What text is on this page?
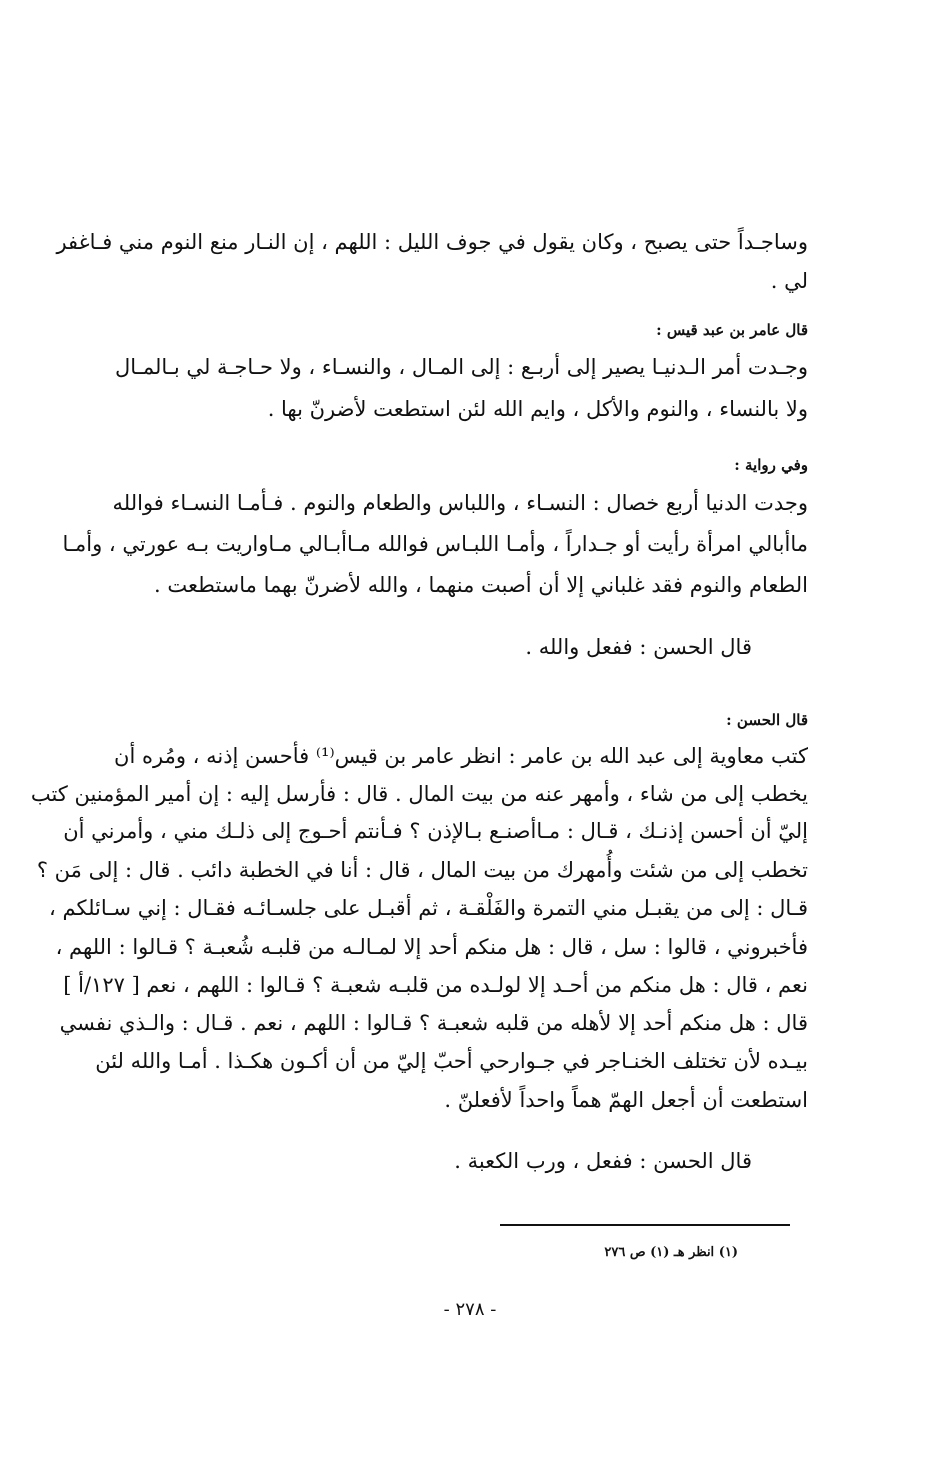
وساجـداً حتى يصبح ، وكان يقول في جوف الليل : اللهم ، إن النـار منع النوم مني فـاغفر
لي .
قال عامر بن عبد قيس :
وجـدت أمر الـدنيـا يصير إلى أربـع : إلى المـال ، والنسـاء ، ولا حـاجـة لي بـالمـال
ولا بالنساء ، والنوم والأكل ، وايم الله لئن استطعت لأضرنّ بها .
وفي رواية :
وجدت الدنيا أربع خصال : النسـاء ، واللباس والطعام والنوم . فـأمـا النسـاء فوالله
ماأبالي امرأة رأيت أو جـداراً ، وأمـا اللبـاس فوالله مـاأبـالي مـاواريت بـه عورتي ، وأمـا
الطعام والنوم فقد غلباني إلا أن أصبت منهما ، والله لأضرنّ بهما ماستطعت .
قال الحسن : ففعل والله .
قال الحسن :
كتب معاوية إلى عبد الله بن عامر : انظر عامر بن قيس⁽¹⁾ فأحسن إذنه ، ومُره أن
يخطب إلى من شاء ، وأمهر عنه من بيت المال . قال : فأرسل إليه : إن أمير المؤمنين كتب
إليّ أن أحسن إذنـك ، قـال : مـاأصنـع بـالإذن ؟ فـأنتم أحـوج إلى ذلـك مني ، وأمرني أن
تخطب إلى من شئت وأُمهرك من بيت المال ، قال : أنا في الخطبة دائب . قال : إلى مَن ؟
قـال : إلى من يقبـل مني التمرة والفَلْقـة ، ثم أقبـل على جلسـائـه فقـال : إني سـائلكم ،
فأخبروني ، قالوا : سل ، قال : هل منكم أحد إلا لمـالـه من قلبـه شُعبـة ؟ قـالوا : اللهم ،
نعم ، قال : هل منكم من أحـد إلا لولـده من قلبـه شعبـة ؟ قـالوا : اللهم ، نعم [ ١٢٧/أ ]
قال : هل منكم أحد إلا لأهله من قلبه شعبـة ؟ قـالوا : اللهم ، نعم . قـال : والـذي نفسي
بيـده لأن تختلف الخنـاجر في جـوارحي أحبّ إليّ من أن أكـون هكـذا . أمـا والله لئن
استطعت أن أجعل الهمّ هماً واحداً لأفعلنّ .
قال الحسن : ففعل ، ورب الكعبة .
(١) انظر هـ (١) ص ٢٧٦
- ٢٧٨ -
